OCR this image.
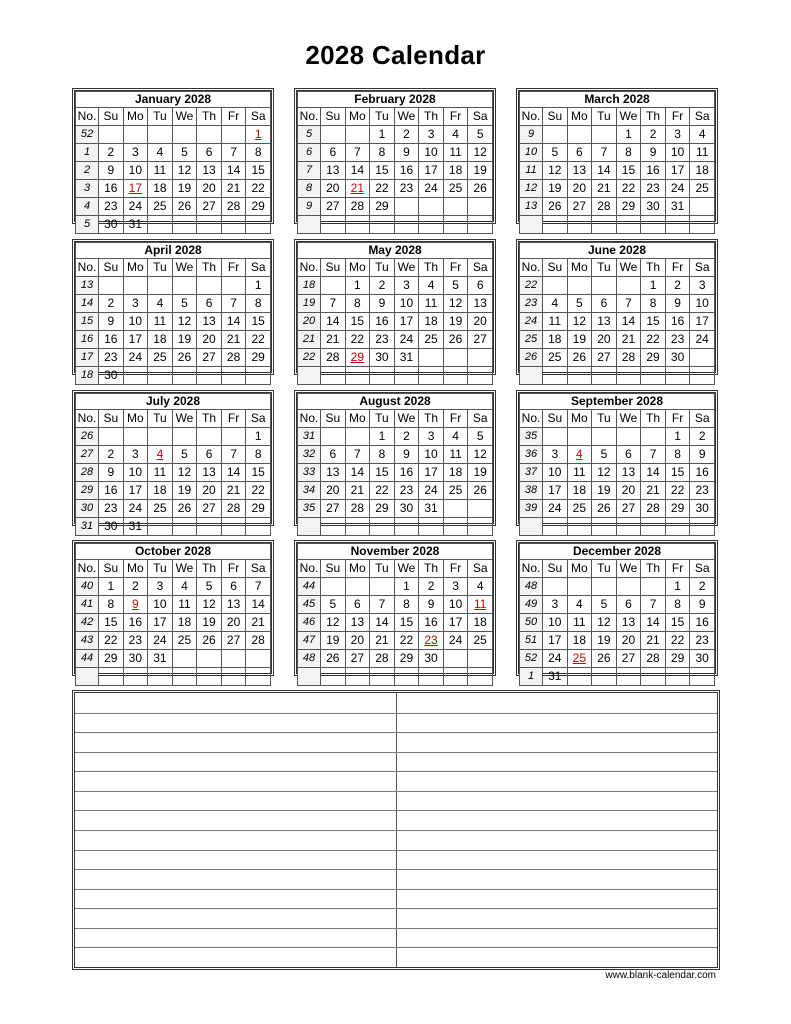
2028 Calendar
January 2028							
No.	Su	Mo	Tu	We	Th	Fr	Sa
52							1
1	2	3	4	5	6	7	8
2	9	10	11	12	13	14	15
3	16	17	18	19	20	21	22
4	23	24	25	26	27	28	29
5	30	31					
February 2028							
No.	Su	Mo	Tu	We	Th	Fr	Sa
5			1	2	3	4	5
6	6	7	8	9	10	11	12
7	13	14	15	16	17	18	19
8	20	21	22	23	24	25	26
9	27	28	29				

March 2028							
No.	Su	Mo	Tu	We	Th	Fr	Sa
9				1	2	3	4
10	5	6	7	8	9	10	11
11	12	13	14	15	16	17	18
12	19	20	21	22	23	24	25
13	26	27	28	29	30	31	

April 2028							
No.	Su	Mo	Tu	We	Th	Fr	Sa
13							1
14	2	3	4	5	6	7	8
15	9	10	11	12	13	14	15
16	16	17	18	19	20	21	22
17	23	24	25	26	27	28	29
18	30						
May 2028							
No.	Su	Mo	Tu	We	Th	Fr	Sa
18		1	2	3	4	5	6
19	7	8	9	10	11	12	13
20	14	15	16	17	18	19	20
21	21	22	23	24	25	26	27
22	28	29	30	31			

June 2028							
No.	Su	Mo	Tu	We	Th	Fr	Sa
22					1	2	3
23	4	5	6	7	8	9	10
24	11	12	13	14	15	16	17
25	18	19	20	21	22	23	24
26	25	26	27	28	29	30	

July 2028							
No.	Su	Mo	Tu	We	Th	Fr	Sa
26							1
27	2	3	4	5	6	7	8
28	9	10	11	12	13	14	15
29	16	17	18	19	20	21	22
30	23	24	25	26	27	28	29
31	30	31					
August 2028							
No.	Su	Mo	Tu	We	Th	Fr	Sa
31			1	2	3	4	5
32	6	7	8	9	10	11	12
33	13	14	15	16	17	18	19
34	20	21	22	23	24	25	26
35	27	28	29	30	31		

September 2028							
No.	Su	Mo	Tu	We	Th	Fr	Sa
35						1	2
36	3	4	5	6	7	8	9
37	10	11	12	13	14	15	16
38	17	18	19	20	21	22	23
39	24	25	26	27	28	29	30

October 2028							
No.	Su	Mo	Tu	We	Th	Fr	Sa
40	1	2	3	4	5	6	7
41	8	9	10	11	12	13	14
42	15	16	17	18	19	20	21
43	22	23	24	25	26	27	28
44	29	30	31				

November 2028							
No.	Su	Mo	Tu	We	Th	Fr	Sa
44				1	2	3	4
45	5	6	7	8	9	10	11
46	12	13	14	15	16	17	18
47	19	20	21	22	23	24	25
48	26	27	28	29	30		

December 2028							
No.	Su	Mo	Tu	We	Th	Fr	Sa
48						1	2
49	3	4	5	6	7	8	9
50	10	11	12	13	14	15	16
51	17	18	19	20	21	22	23
52	24	25	26	27	28	29	30
1	31						
www.blank-calendar.com
